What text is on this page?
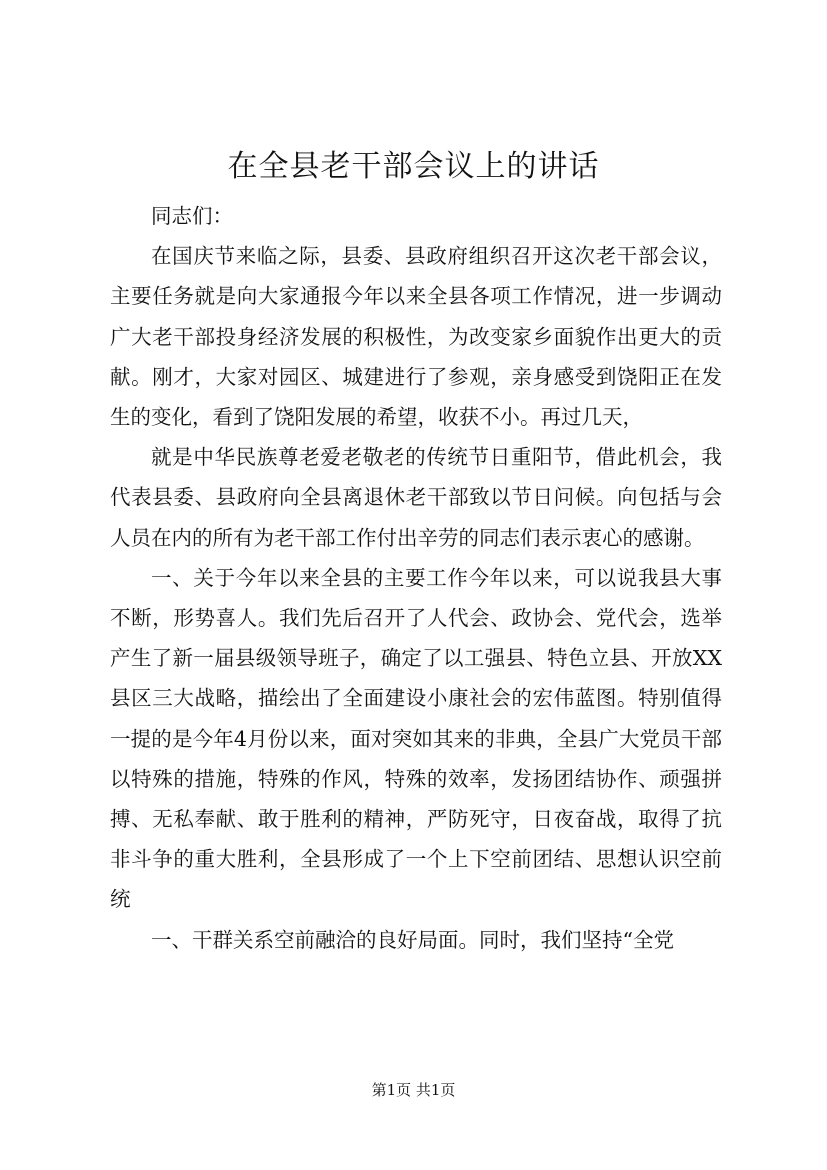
在全县老干部会议上的讲话

同志们：

在国庆节来临之际，县委、县政府组织召开这次老干部会议，主要任务就是向大家通报今年以来全县各项工作情况，进一步调动广大老干部投身经济发展的积极性，为改变家乡面貌作出更大的贡献。刚才，大家对园区、城建进行了参观，亲身感受到饶阳正在发生的变化，看到了饶阳发展的希望，收获不小。再过几天，

就是中华民族尊老爱老敬老的传统节日重阳节，借此机会，我代表县委、县政府向全县离退休老干部致以节日问候。向包括与会人员在内的所有为老干部工作付出辛劳的同志们表示衷心的感谢。

一、关于今年以来全县的主要工作今年以来，可以说我县大事不断，形势喜人。我们先后召开了人代会、政协会、党代会，选举产生了新一届县级领导班子，确定了以工强县、特色立县、开放XX县区三大战略，描绘出了全面建设小康社会的宏伟蓝图。特别值得一提的是今年4月份以来，面对突如其来的非典，全县广大党员干部以特殊的措施，特殊的作风，特殊的效率，发扬团结协作、顽强拼搏、无私奉献、敢于胜利的精神，严防死守，日夜奋战，取得了抗非斗争的重大胜利，全县形成了一个上下空前团结、思想认识空前统

一、干群关系空前融洽的良好局面。同时，我们坚持“全党

第1页 共1页
